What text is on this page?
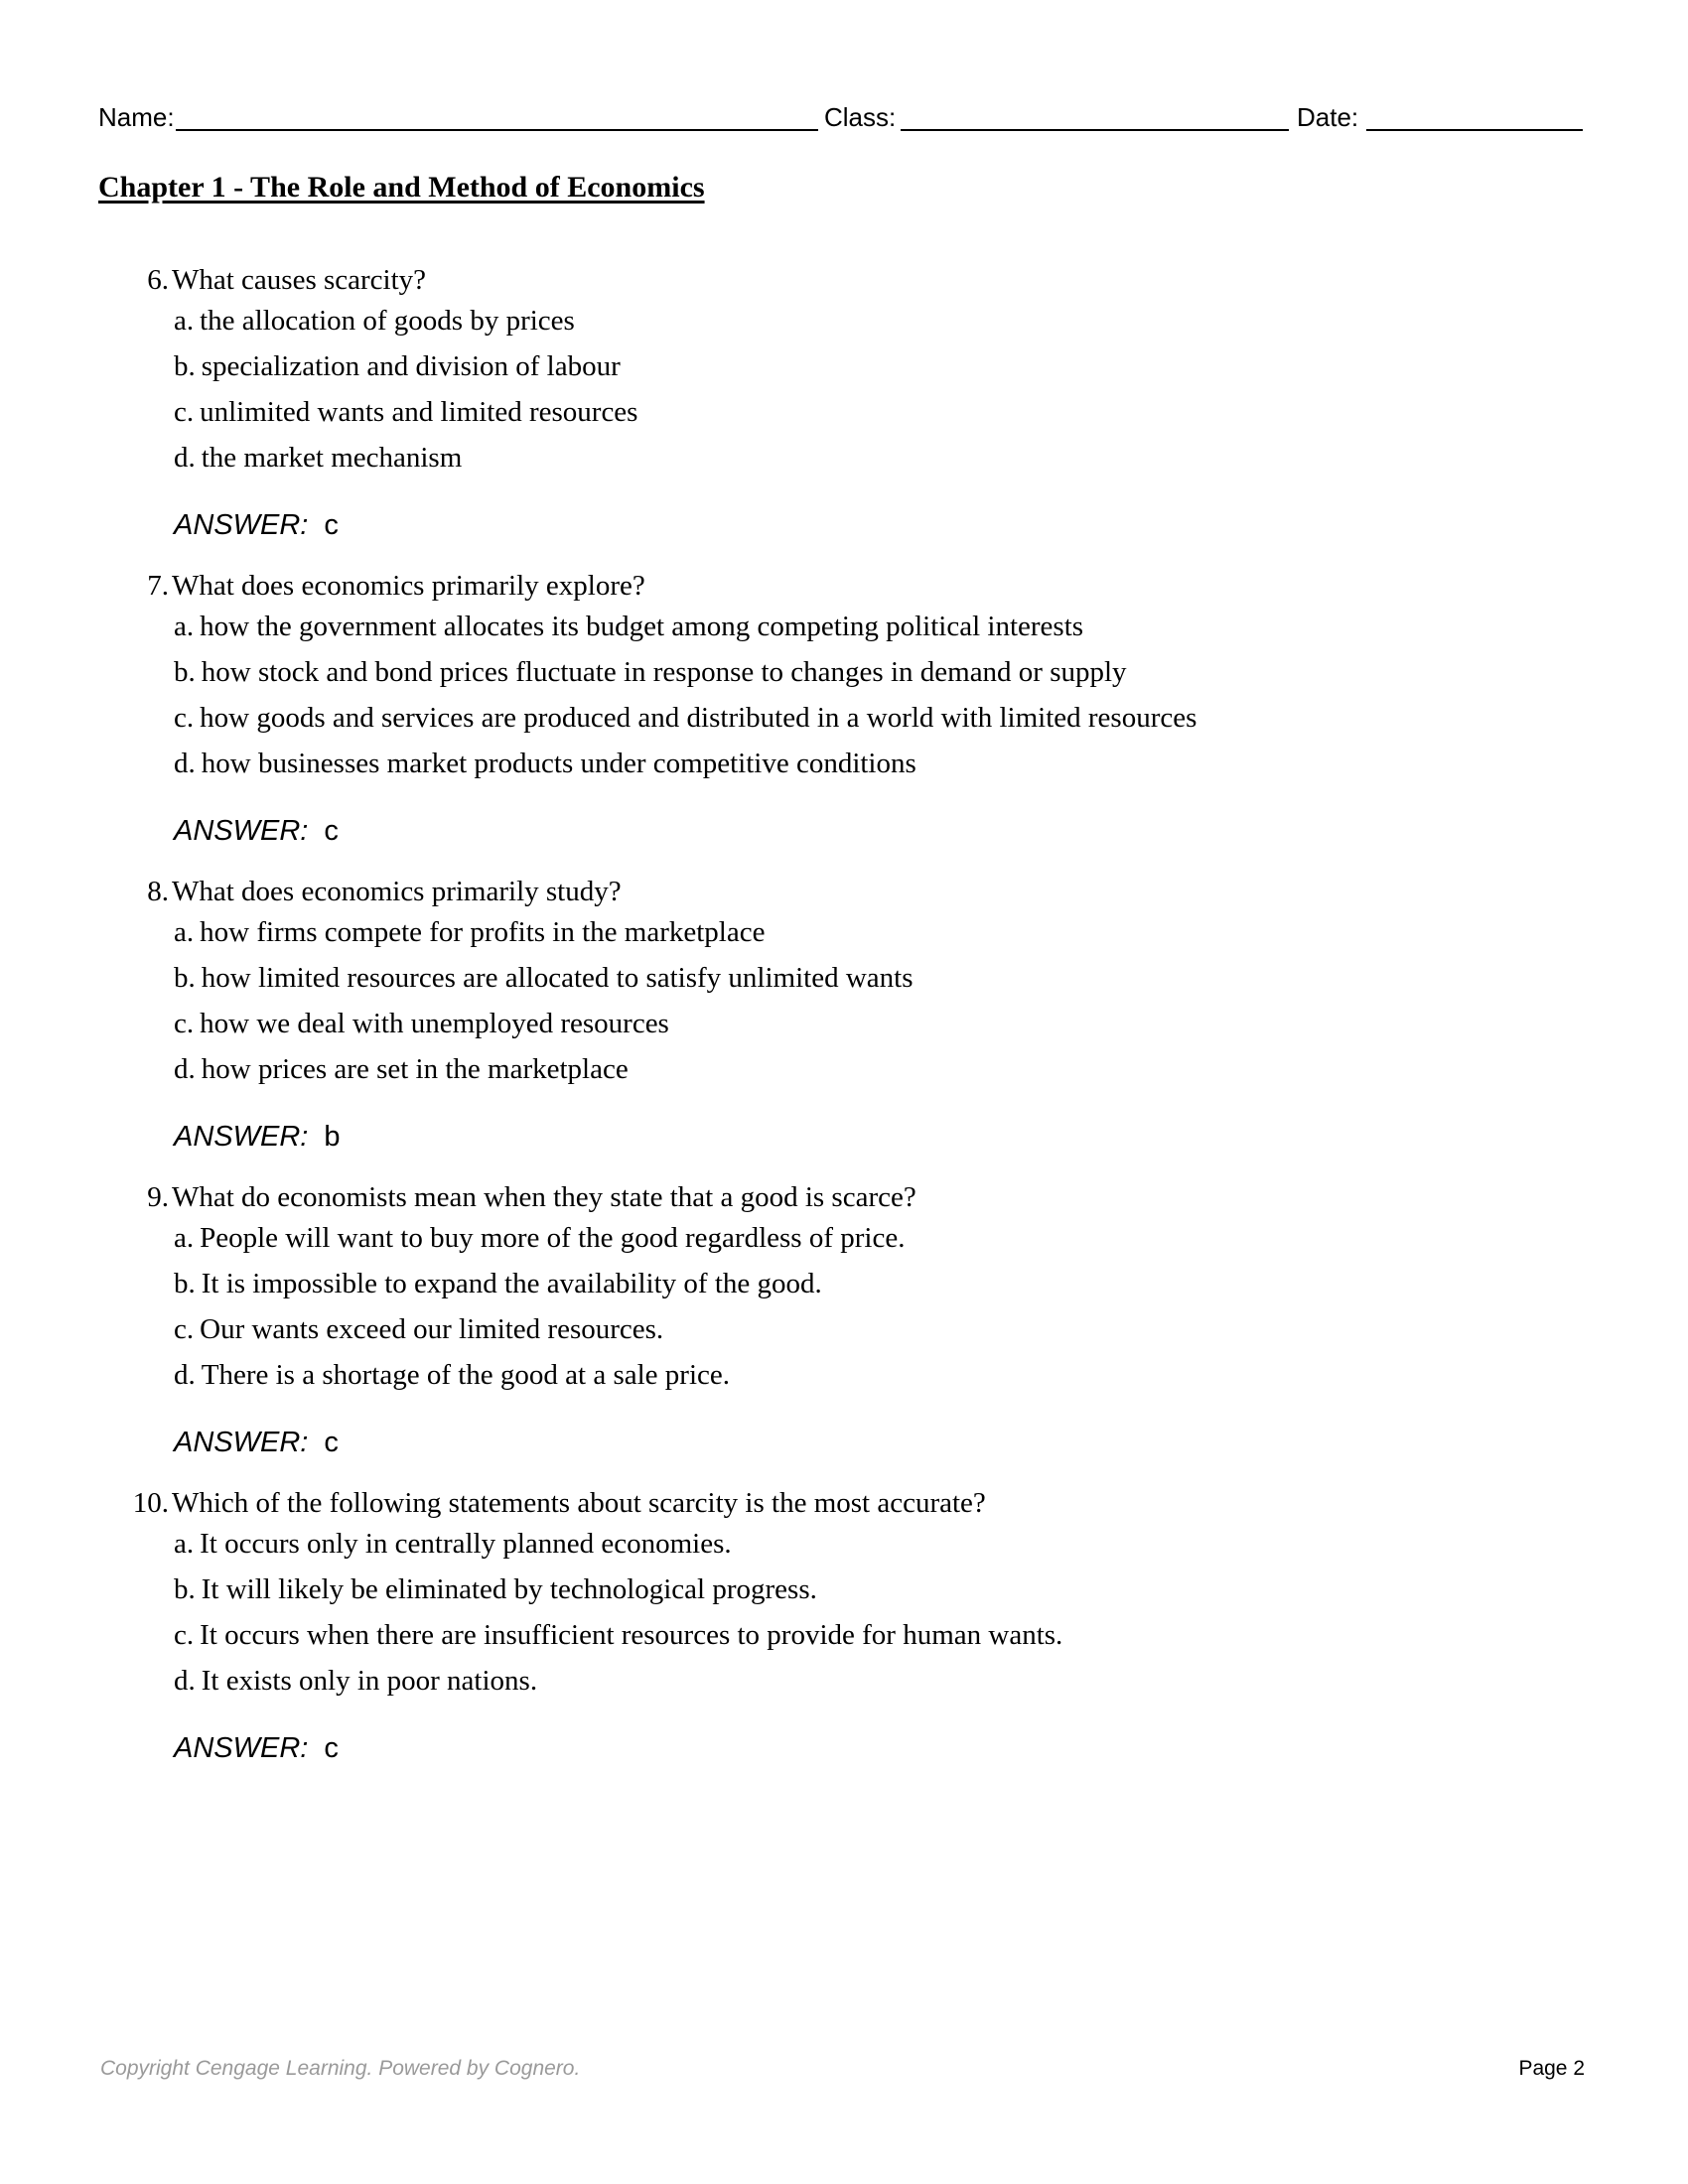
Name:	Class:	Date:
Chapter 1 - The Role and Method of Economics
6. What causes scarcity?
a. the allocation of goods by prices
b. specialization and division of labour
c. unlimited wants and limited resources
d. the market mechanism
ANSWER: c
7. What does economics primarily explore?
a. how the government allocates its budget among competing political interests
b. how stock and bond prices fluctuate in response to changes in demand or supply
c. how goods and services are produced and distributed in a world with limited resources
d. how businesses market products under competitive conditions
ANSWER: c
8. What does economics primarily study?
a. how firms compete for profits in the marketplace
b. how limited resources are allocated to satisfy unlimited wants
c. how we deal with unemployed resources
d. how prices are set in the marketplace
ANSWER: b
9. What do economists mean when they state that a good is scarce?
a. People will want to buy more of the good regardless of price.
b. It is impossible to expand the availability of the good.
c. Our wants exceed our limited resources.
d. There is a shortage of the good at a sale price.
ANSWER: c
10. Which of the following statements about scarcity is the most accurate?
a. It occurs only in centrally planned economies.
b. It will likely be eliminated by technological progress.
c. It occurs when there are insufficient resources to provide for human wants.
d. It exists only in poor nations.
ANSWER: c
Copyright Cengage Learning. Powered by Cognero.	Page 2
